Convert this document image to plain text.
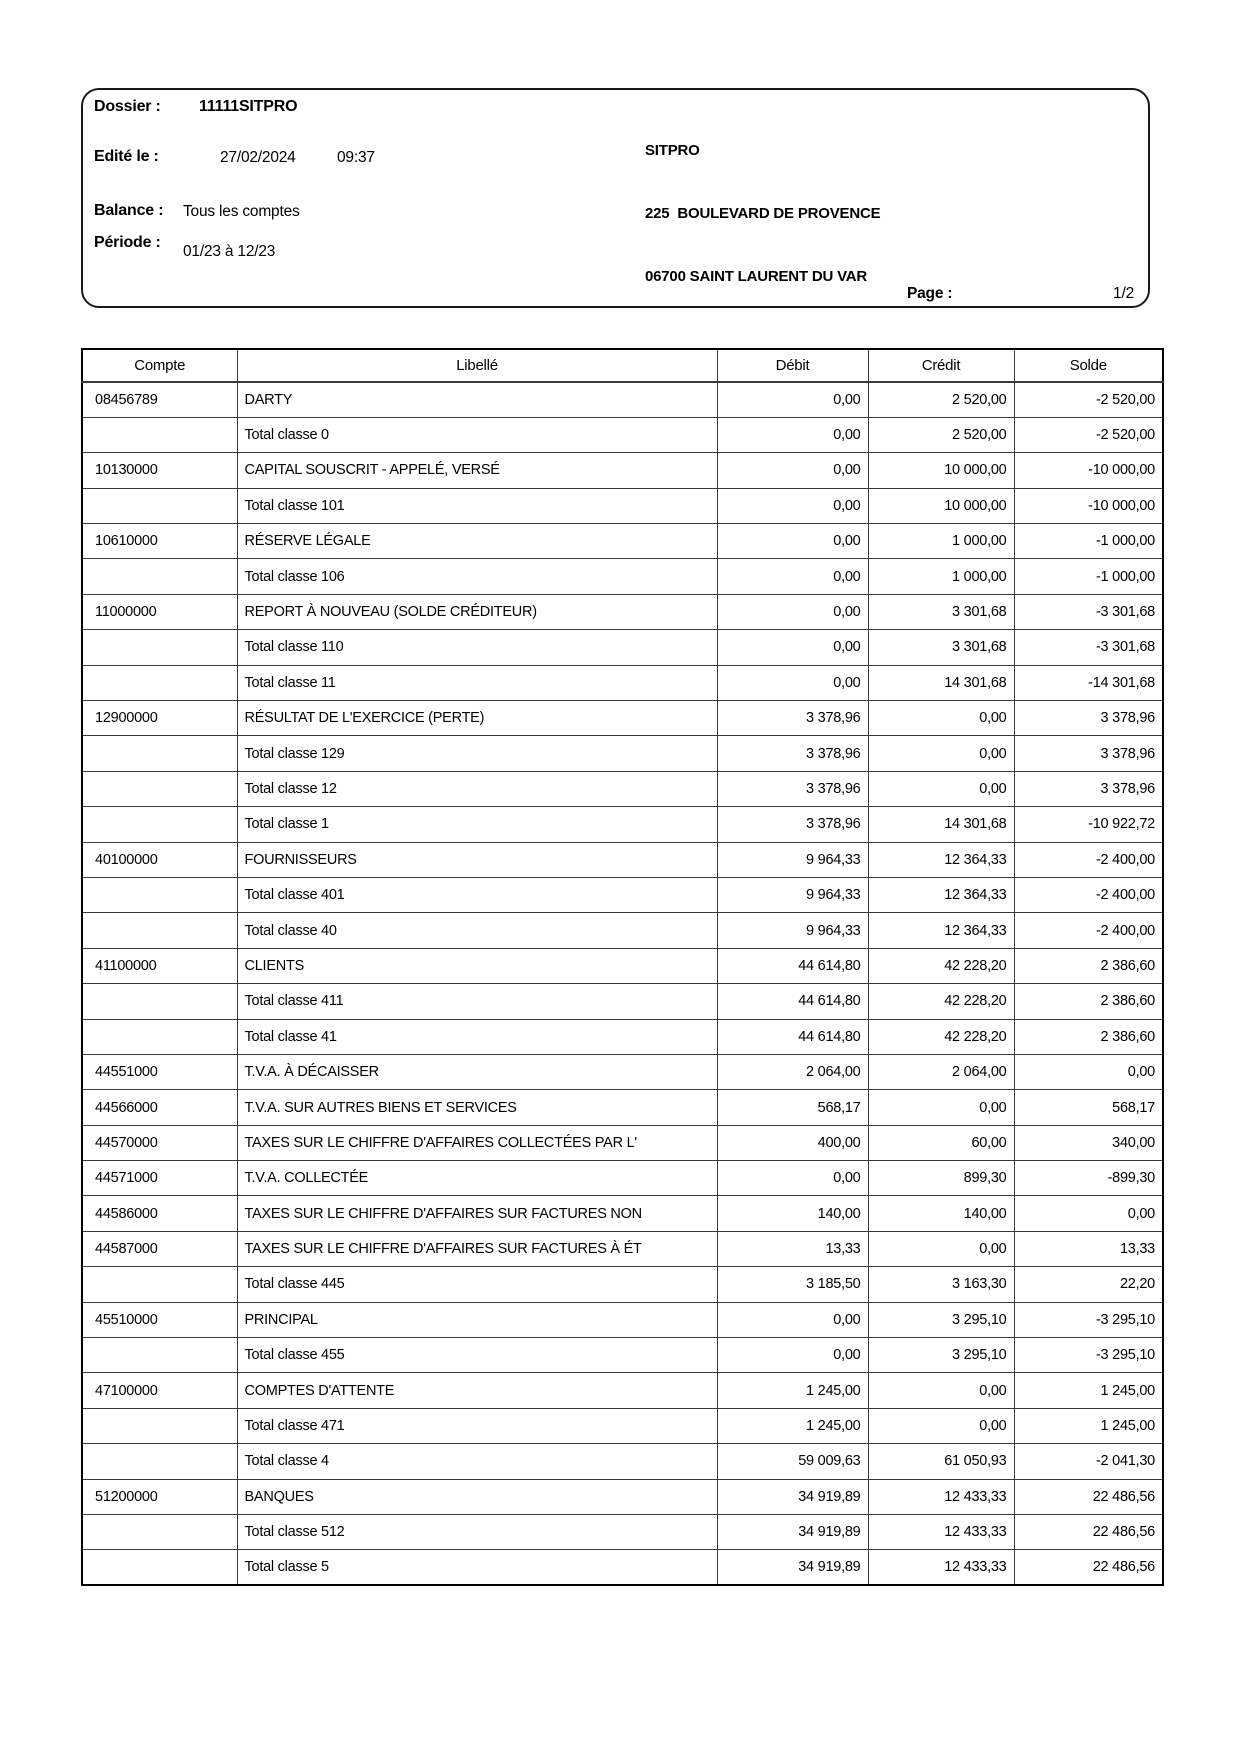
Dossier : 11111SITPRO
Edité le :	27/02/2024	09:37
Balance : Tous les comptes
Période :
01/23 à 12/23

SITPRO

225  BOULEVARD DE PROVENCE

06700 SAINT LAURENT DU VAR

Page :	1/2
Compte	Libellé	Débit	Crédit	Solde
08456789	DARTY	0,00	2 520,00	-2 520,00
	Total classe 0	0,00	2 520,00	-2 520,00
10130000	CAPITAL SOUSCRIT - APPELÉ, VERSÉ	0,00	10 000,00	-10 000,00
	Total classe 101	0,00	10 000,00	-10 000,00
10610000	RÉSERVE LÉGALE	0,00	1 000,00	-1 000,00
	Total classe 106	0,00	1 000,00	-1 000,00
11000000	REPORT À NOUVEAU (SOLDE CRÉDITEUR)	0,00	3 301,68	-3 301,68
	Total classe 110	0,00	3 301,68	-3 301,68
	Total classe 11	0,00	14 301,68	-14 301,68
12900000	RÉSULTAT DE L'EXERCICE (PERTE)	3 378,96	0,00	3 378,96
	Total classe 129	3 378,96	0,00	3 378,96
	Total classe 12	3 378,96	0,00	3 378,96
	Total classe 1	3 378,96	14 301,68	-10 922,72
40100000	FOURNISSEURS	9 964,33	12 364,33	-2 400,00
	Total classe 401	9 964,33	12 364,33	-2 400,00
	Total classe 40	9 964,33	12 364,33	-2 400,00
41100000	CLIENTS	44 614,80	42 228,20	2 386,60
	Total classe 411	44 614,80	42 228,20	2 386,60
	Total classe 41	44 614,80	42 228,20	2 386,60
44551000	T.V.A. À DÉCAISSER	2 064,00	2 064,00	0,00
44566000	T.V.A. SUR AUTRES BIENS ET SERVICES	568,17	0,00	568,17
44570000	TAXES SUR LE CHIFFRE D'AFFAIRES COLLECTÉES PAR L'	400,00	60,00	340,00
44571000	T.V.A. COLLECTÉE	0,00	899,30	-899,30
44586000	TAXES SUR LE CHIFFRE D'AFFAIRES SUR FACTURES NON	140,00	140,00	0,00
44587000	TAXES SUR LE CHIFFRE D'AFFAIRES SUR FACTURES À ÉT	13,33	0,00	13,33
	Total classe 445	3 185,50	3 163,30	22,20
45510000	PRINCIPAL	0,00	3 295,10	-3 295,10
	Total classe 455	0,00	3 295,10	-3 295,10
47100000	COMPTES D'ATTENTE	1 245,00	0,00	1 245,00
	Total classe 471	1 245,00	0,00	1 245,00
	Total classe 4	59 009,63	61 050,93	-2 041,30
51200000	BANQUES	34 919,89	12 433,33	22 486,56
	Total classe 512	34 919,89	12 433,33	22 486,56
	Total classe 5	34 919,89	12 433,33	22 486,56
